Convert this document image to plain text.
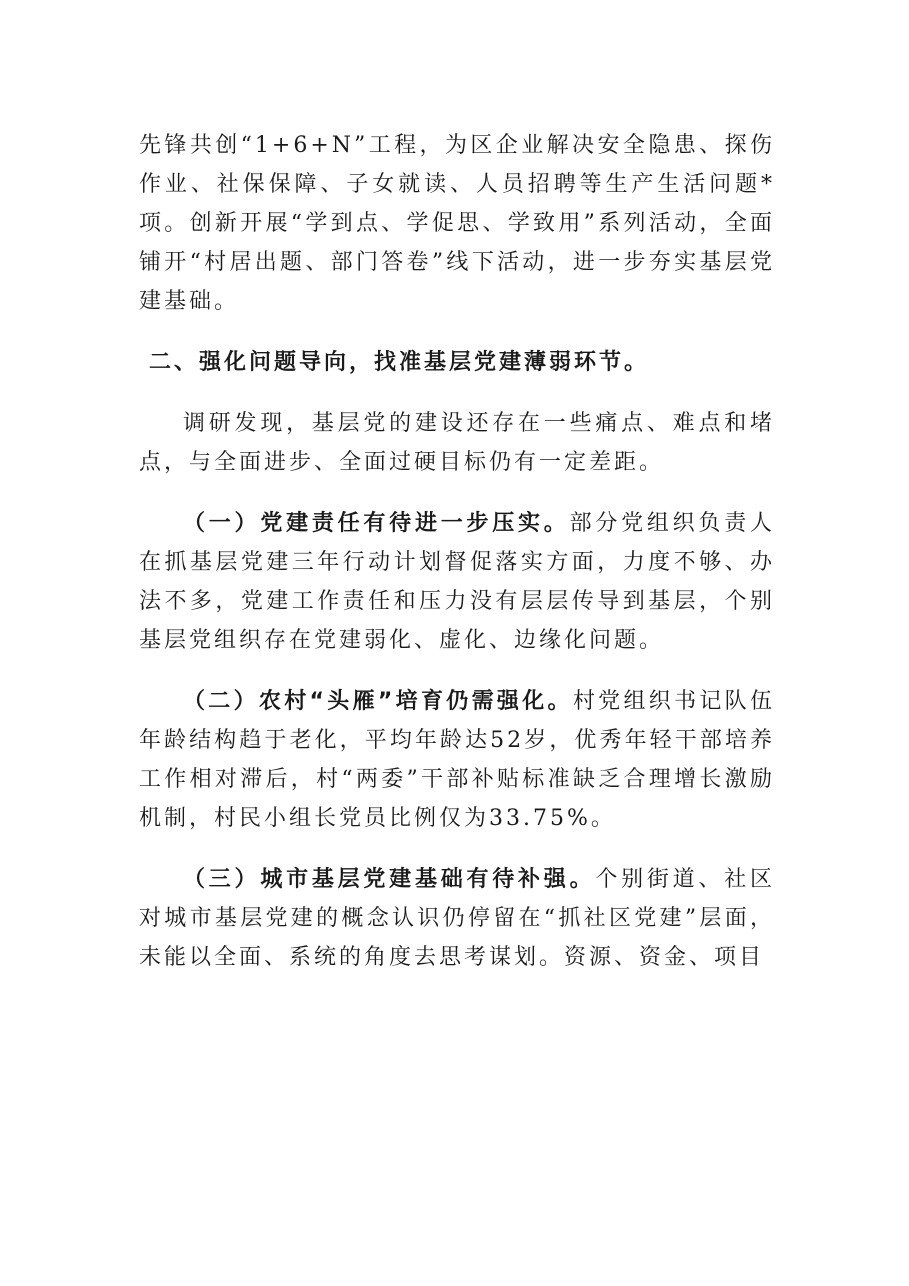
先锋共创“1+6+N”工程，为区企业解决安全隐患、探伤作业、社保保障、子女就读、人员招聘等生产生活问题*项。创新开展“学到点、学促思、学致用”系列活动，全面铺开“村居出题、部门答卷”线下活动，进一步夯实基层党建基础。

二、强化问题导向，找准基层党建薄弱环节。

调研发现，基层党的建设还存在一些痛点、难点和堵点，与全面进步、全面过硬目标仍有一定差距。

（一）党建责任有待进一步压实。部分党组织负责人在抓基层党建三年行动计划督促落实方面，力度不够、办法不多，党建工作责任和压力没有层层传导到基层，个别基层党组织存在党建弱化、虚化、边缘化问题。

（二）农村“头雁”培育仍需强化。村党组织书记队伍年龄结构趋于老化，平均年龄达52岁，优秀年轻干部培养工作相对滞后，村“两委”干部补贴标准缺乏合理增长激励机制，村民小组长党员比例仅为33.75%。

（三）城市基层党建基础有待补强。个别街道、社区对城市基层党建的概念认识仍停留在“抓社区党建”层面，未能以全面、系统的角度去思考谋划。资源、资金、项目
